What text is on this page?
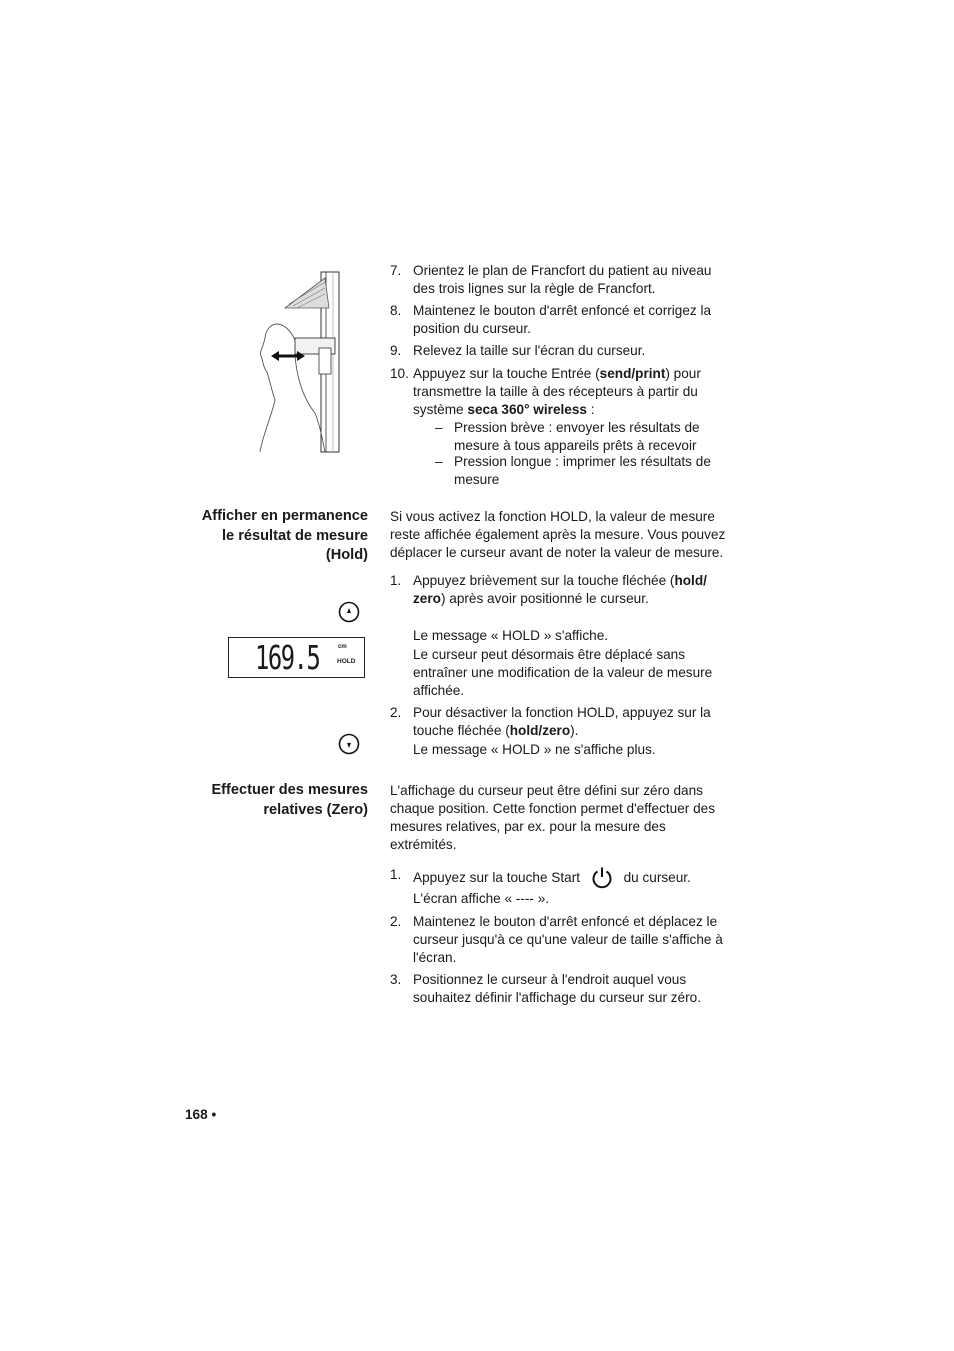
7. Orientez le plan de Francfort du patient au niveau des trois lignes sur la règle de Francfort.
8. Maintenez le bouton d'arrêt enfoncé et corrigez la position du curseur.
9. Relevez la taille sur l'écran du curseur.
10. Appuyez sur la touche Entrée (send/print) pour transmettre la taille à des récepteurs à partir du système seca 360° wireless :
– Pression brève : envoyer les résultats de mesure à tous appareils prêts à recevoir
– Pression longue : imprimer les résultats de mesure
Afficher en permanence
le résultat de mesure
(Hold)
Si vous activez la fonction HOLD, la valeur de mesure reste affichée également après la mesure. Vous pouvez déplacer le curseur avant de noter la valeur de mesure.
1. Appuyez brièvement sur la touche fléchée (hold/ zero) après avoir positionné le curseur.
Le message « HOLD » s'affiche.
Le curseur peut désormais être déplacé sans entraîner une modification de la valeur de mesure affichée.
2. Pour désactiver la fonction HOLD, appuyez sur la touche fléchée (hold/zero).
Le message « HOLD » ne s'affiche plus.
169.5	cm
HOLD
Effectuer des mesures
relatives (Zero)
L'affichage du curseur peut être défini sur zéro dans chaque position. Cette fonction permet d'effectuer des mesures relatives, par ex. pour la mesure des extrémités.
1. Appuyez sur la touche Start	du curseur.
L'écran affiche « ---- ».
2. Maintenez le bouton d'arrêt enfoncé et déplacez le curseur jusqu'à ce qu'une valeur de taille s'affiche à l'écran.
3. Positionnez le curseur à l'endroit auquel vous souhaitez définir l'affichage du curseur sur zéro.
168 •
